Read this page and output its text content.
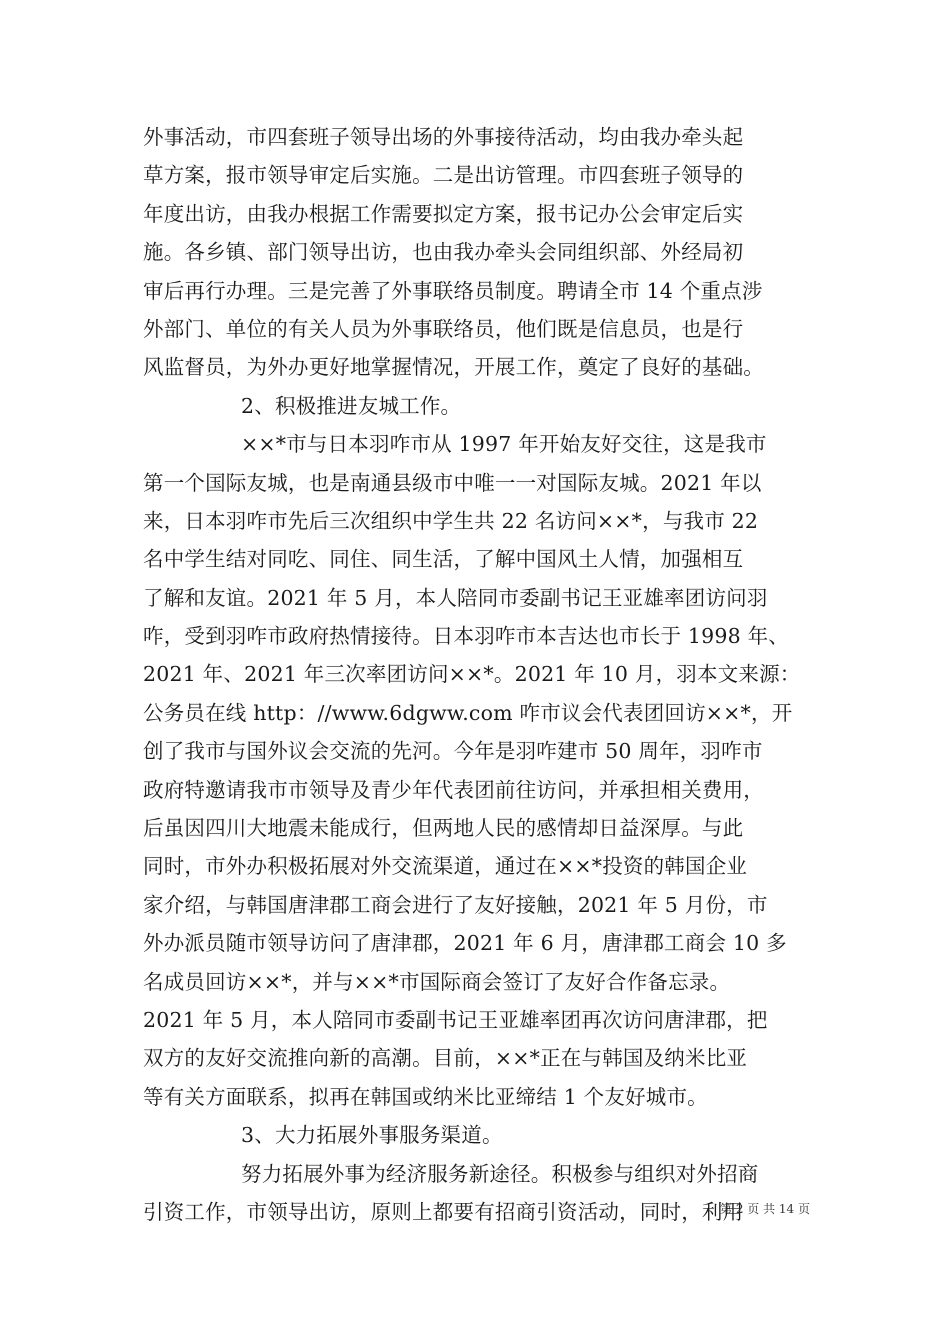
外事活动，市四套班子领导出场的外事接待活动，均由我办牵头起
草方案，报市领导审定后实施。二是出访管理。市四套班子领导的
年度出访，由我办根据工作需要拟定方案，报书记办公会审定后实
施。各乡镇、部门领导出访，也由我办牵头会同组织部、外经局初
审后再行办理。三是完善了外事联络员制度。聘请全市 14 个重点涉
外部门、单位的有关人员为外事联络员，他们既是信息员，也是行
风监督员，为外办更好地掌握情况，开展工作，奠定了良好的基础。
2、积极推进友城工作。
××*市与日本羽咋市从 1997 年开始友好交往，这是我市
第一个国际友城，也是南通县级市中唯一一对国际友城。2021 年以
来，日本羽咋市先后三次组织中学生共 22 名访问××*，与我市 22
名中学生结对同吃、同住、同生活，了解中国风土人情，加强相互
了解和友谊。2021 年 5 月，本人陪同市委副书记王亚雄率团访问羽
咋，受到羽咋市政府热情接待。日本羽咋市本吉达也市长于 1998 年、
2021 年、2021 年三次率团访问××*。2021 年 10 月，羽本文来源：
公务员在线 http：//www.6dgww.com 咋市议会代表团回访××*，开
创了我市与国外议会交流的先河。今年是羽咋建市 50 周年，羽咋市
政府特邀请我市市领导及青少年代表团前往访问，并承担相关费用，
后虽因四川大地震未能成行，但两地人民的感情却日益深厚。与此
同时，市外办积极拓展对外交流渠道，通过在××*投资的韩国企业
家介绍，与韩国唐津郡工商会进行了友好接触，2021 年 5 月份，市
外办派员随市领导访问了唐津郡，2021 年 6 月，唐津郡工商会 10 多
名成员回访××*，并与××*市国际商会签订了友好合作备忘录。
2021 年 5 月，本人陪同市委副书记王亚雄率团再次访问唐津郡，把
双方的友好交流推向新的高潮。目前，××*正在与韩国及纳米比亚
等有关方面联系，拟再在韩国或纳米比亚缔结 1 个友好城市。
3、大力拓展外事服务渠道。
努力拓展外事为经济服务新途径。积极参与组织对外招商
引资工作，市领导出访，原则上都要有招商引资活动，同时，利用
第 2 页 共 14 页
